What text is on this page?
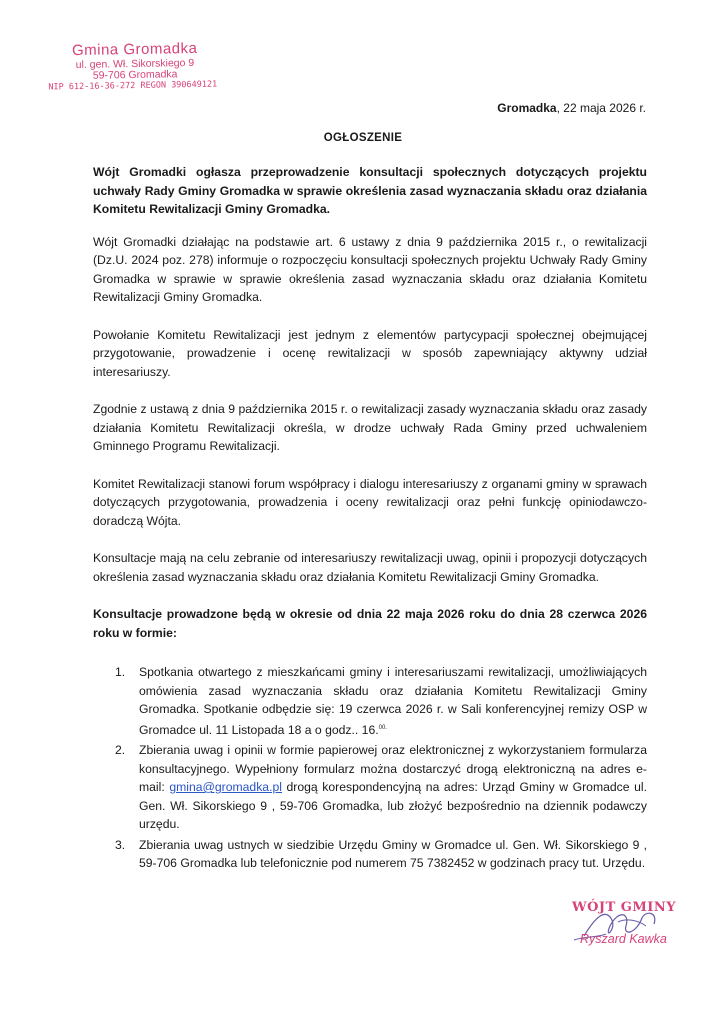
Gmina Gromadka
ul. gen. Wł. Sikorskiego 9
59-706 Gromadka
NIP 612-16-36-272 REGON 390649121
Gromadka, 22 maja 2026 r.
OGŁOSZENIE

Wójt Gromadki ogłasza przeprowadzenie konsultacji społecznych dotyczących projektu uchwały Rady Gminy Gromadka w sprawie określenia zasad wyznaczania składu oraz działania Komitetu Rewitalizacji Gminy Gromadka.

Wójt Gromadki działając na podstawie art. 6 ustawy z dnia 9 października 2015 r., o rewitalizacji (Dz.U. 2024 poz. 278) informuje o rozpoczęciu konsultacji społecznych projektu Uchwały Rady Gminy Gromadka w sprawie w sprawie określenia zasad wyznaczania składu oraz działania Komitetu Rewitalizacji Gminy Gromadka.

Powołanie Komitetu Rewitalizacji jest jednym z elementów partycypacji społecznej obejmującej przygotowanie, prowadzenie i ocenę rewitalizacji w sposób zapewniający aktywny udział interesariuszy.

Zgodnie z ustawą z dnia 9 października 2015 r. o rewitalizacji zasady wyznaczania składu oraz zasady działania Komitetu Rewitalizacji określa, w drodze uchwały Rada Gminy przed uchwaleniem Gminnego Programu Rewitalizacji.

Komitet Rewitalizacji stanowi forum współpracy i dialogu interesariuszy z organami gminy w sprawach dotyczących przygotowania, prowadzenia i oceny rewitalizacji oraz pełni funkcję opiniodawczo-doradczą Wójta.

Konsultacje mają na celu zebranie od interesariuszy rewitalizacji uwag, opinii i propozycji dotyczących określenia zasad wyznaczania składu oraz działania Komitetu Rewitalizacji Gminy Gromadka.

Konsultacje prowadzone będą w okresie od dnia 22 maja 2026 roku do dnia 28 czerwca 2026 roku w formie:

1. Spotkania otwartego z mieszkańcami gminy i interesariuszami rewitalizacji, umożliwiających omówienia zasad wyznaczania składu oraz działania Komitetu Rewitalizacji Gminy Gromadka. Spotkanie odbędzie się: 19 czerwca 2026 r. w Sali konferencyjnej remizy OSP w Gromadce ul. 11 Listopada 18 a o godz.. 16.$^{00.}$
2. Zbierania uwag i opinii w formie papierowej oraz elektronicznej z wykorzystaniem formularza konsultacyjnego. Wypełniony formularz można dostarczyć drogą elektroniczną na adres e-mail: gmina@gromadka.pl drogą korespondencyjną na adres: Urząd Gminy w Gromadce ul. Gen. Wł. Sikorskiego 9 , 59-706 Gromadka, lub złożyć bezpośrednio na dziennik podawczy urzędu.
3. Zbierania uwag ustnych w siedzibie Urzędu Gminy w Gromadce ul. Gen. Wł. Sikorskiego 9 , 59-706 Gromadka lub telefonicznie pod numerem 75 7382452 w godzinach pracy tut. Urzędu.
WÓJT GMINY
Ryszard Kawka
